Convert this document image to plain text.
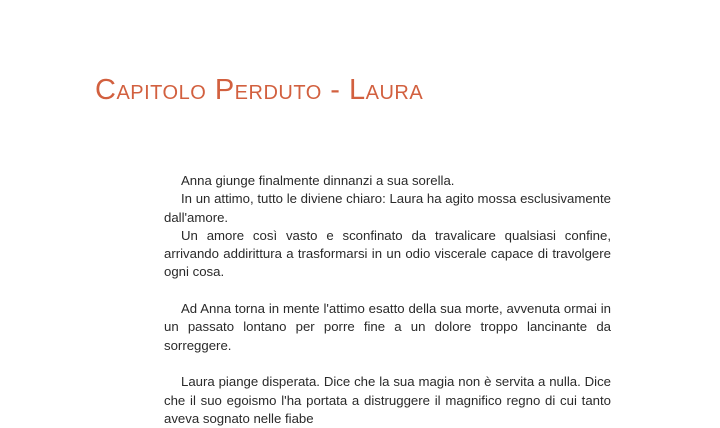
Capitolo Perduto - Laura

Anna giunge finalmente dinnanzi a sua sorella.

In un attimo, tutto le diviene chiaro: Laura ha agito mossa esclusivamente dall'amore.

Un amore così vasto e sconfinato da travalicare qualsiasi confine, arrivando addirittura a trasformarsi in un odio viscerale capace di travolgere ogni cosa.

Ad Anna torna in mente l'attimo esatto della sua morte, avvenuta ormai in un passato lontano per porre fine a un dolore troppo lancinante da sorreggere.

Laura piange disperata. Dice che la sua magia non è servita a nulla. Dice che il suo egoismo l'ha portata a distruggere il magnifico regno di cui tanto aveva sognato nelle fiabe
